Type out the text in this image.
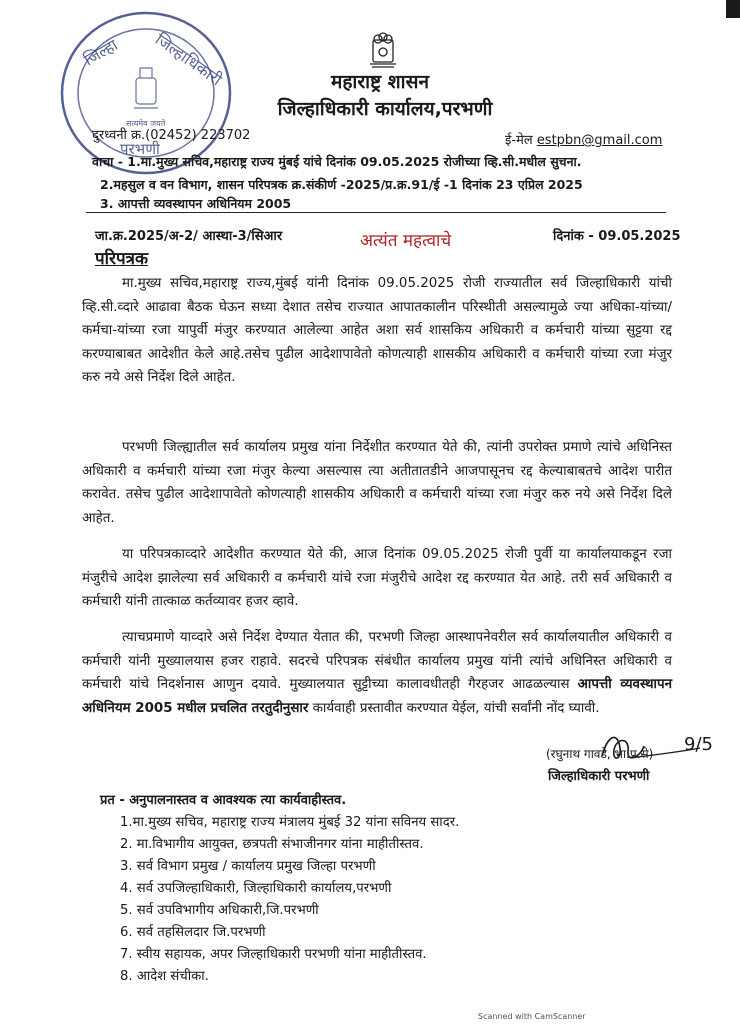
जिल्हा जिल्हाधिकारी
सत्यमेव जयते
परभणी
महाराष्ट्र शासन
जिल्हाधिकारी कार्यालय,परभणी
दुरध्वनी क्र.(02452) 223702	ई-मेल estpbn@gmail.com
वाचा - 1.मा.मुख्य सचिव,महाराष्ट्र राज्य मुंबई यांचे दिनांक 09.05.2025 रोजीच्या व्हि.सी.मधील सुचना.
2.महसुल व वन विभाग, शासन परिपत्रक क्र.संकीर्ण -2025/प्र.क्र.91/ई -1 दिनांक 23 एप्रिल 2025
3. आपत्ती व्यवस्थापन अधिनियम 2005
जा.क्र.2025/अ-2/ आस्था-3/सिआर	अत्यंत महत्वाचे	दिनांक - 09.05.2025
परिपत्रक
मा.मुख्य सचिव,महाराष्ट्र राज्य,मुंबई यांनी दिनांक 09.05.2025 रोजी राज्यातील सर्व जिल्हाधिकारी यांची व्हि.सी.व्दारे आढावा बैठक घेऊन सध्या देशात तसेच राज्यात आपातकालीन परिस्थीती असल्यामुळे ज्या अधिका-यांच्या/ कर्मचा-यांच्या रजा यापुर्वी मंजुर करण्यात आलेल्या आहेत अशा सर्व शासकिय अधिकारी व कर्मचारी यांच्या सुट्टया रद्द करण्याबाबत आदेशीत केले आहे.तसेच पुढील आदेशापावेतो कोणत्याही शासकीय अधिकारी व कर्मचारी यांच्या रजा मंजुर करु नये असे निर्देश दिले आहेत.
परभणी जिल्ह्यातील सर्व कार्यालय प्रमुख यांना निर्देशीत करण्यात येते की, त्यांनी उपरोक्त प्रमाणे त्यांचे अधिनिस्त अधिकारी व कर्मचारी यांच्या रजा मंजुर केल्या असल्यास त्या अतीतातडीने आजपासूनच रद्द केल्याबाबतचे आदेश पारीत करावेत. तसेच पुढील आदेशापावेतो कोणत्याही शासकीय अधिकारी व कर्मचारी यांच्या रजा मंजुर करु नये असे निर्देश दिले आहेत.
या परिपत्रकाव्दारे आदेशीत करण्यात येते की, आज दिनांक 09.05.2025 रोजी पुर्वी या कार्यालयाकडून रजा मंजुरीचे आदेश झालेल्या सर्व अधिकारी व कर्मचारी यांचे रजा मंजुरीचे आदेश रद्द करण्यात येत आहे. तरी सर्व अधिकारी व कर्मचारी यांनी तात्काळ कर्तव्यावर हजर व्हावे.
त्याचप्रमाणे याव्दारे असे निर्देश देण्यात येतात की, परभणी जिल्हा आस्थापनेवरील सर्व कार्यालयातील अधिकारी व कर्मचारी यांनी मुख्यालयास हजर राहावे. सदरचे परिपत्रक संबंधीत कार्यालय प्रमुख यांनी त्यांचे अधिनिस्त अधिकारी व कर्मचारी यांचे निदर्शनास आणुन दयावे. मुख्यालयात सुट्टीच्या कालावधीतही गैरहजर आढळल्यास आपत्ती व्यवस्थापन अधिनियम 2005 मधील प्रचलित तरतुदीनुसार कार्यवाही प्रस्तावीत करण्यात येईल, यांची सर्वांनी नोंद घ्यावी.
9/5
(रघुनाथ गावडे, भा.प्र.से)
जिल्हाधिकारी परभणी
प्रत - अनुपालनास्तव व आवश्यक त्या कार्यवाहीस्तव.
1.मा.मुख्य सचिव, महाराष्ट्र राज्य मंत्रालय मुंबई 32 यांना सविनय सादर.
2. मा.विभागीय आयुक्त, छत्रपती संभाजीनगर यांना माहीतीस्तव.
3. सर्व विभाग प्रमुख / कार्यालय प्रमुख जिल्हा परभणी
4. सर्व उपजिल्हाधिकारी, जिल्हाधिकारी कार्यालय,परभणी
5. सर्व उपविभागीय अधिकारी,जि.परभणी
6. सर्व तहसिलदार जि.परभणी
7. स्वीय सहायक, अपर जिल्हाधिकारी परभणी यांना माहीतीस्तव.
8. आदेश संचीका.
Scanned with CamScanner
